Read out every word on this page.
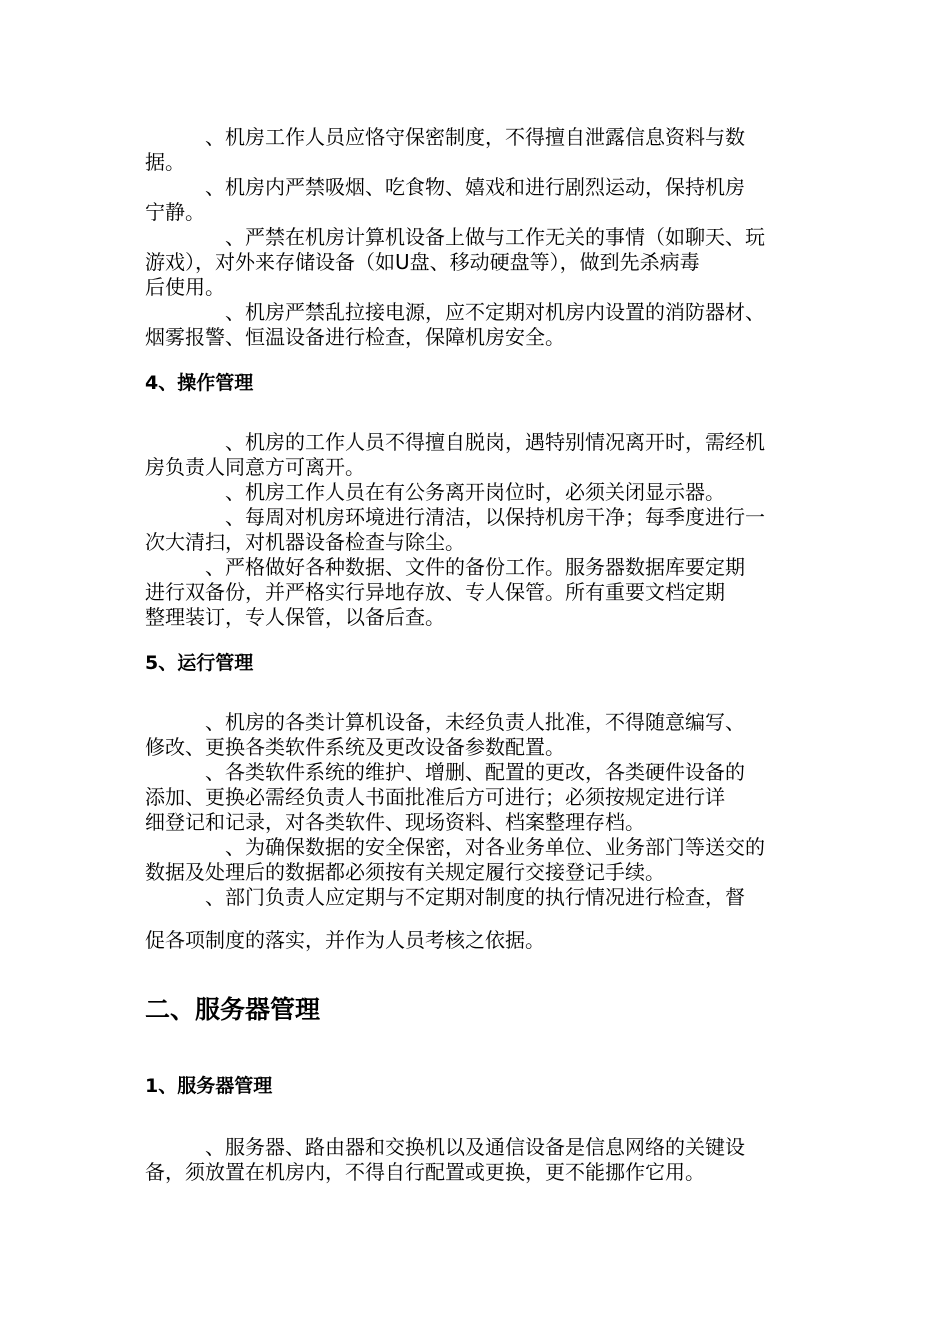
　　　、机房工作人员应恪守保密制度，不得擅自泄露信息资料与数
据。

　　　、机房内严禁吸烟、吃食物、嬉戏和进行剧烈运动，保持机房
宁静。

　　　　、严禁在机房计算机设备上做与工作无关的事情（如聊天、玩
游戏），对外来存储设备（如U盘、移动硬盘等），做到先杀病毒
后使用。

　　　　、机房严禁乱拉接电源，应不定期对机房内设置的消防器材、
烟雾报警、恒温设备进行检查，保障机房安全。

4、操作管理

　　　　、机房的工作人员不得擅自脱岗，遇特别情况离开时，需经机
房负责人同意方可离开。

　　　　、机房工作人员在有公务离开岗位时，必须关闭显示器。

　　　　、每周对机房环境进行清洁，以保持机房干净；每季度进行一
次大清扫，对机器设备检查与除尘。

　　　、严格做好各种数据、文件的备份工作。服务器数据库要定期
进行双备份，并严格实行异地存放、专人保管。所有重要文档定期
整理装订，专人保管，以备后查。

5、运行管理

　　　、机房的各类计算机设备，未经负责人批准，不得随意编写、
修改、更换各类软件系统及更改设备参数配置。

　　　、各类软件系统的维护、增删、配置的更改，各类硬件设备的
添加、更换必需经负责人书面批准后方可进行；必须按规定进行详
细登记和记录，对各类软件、现场资料、档案整理存档。

　　　　、为确保数据的安全保密，对各业务单位、业务部门等送交的
数据及处理后的数据都必须按有关规定履行交接登记手续。

　　　、部门负责人应定期与不定期对制度的执行情况进行检查，督

促各项制度的落实，并作为人员考核之依据。

二、服务器管理
1、服务器管理

　　　、服务器、路由器和交换机以及通信设备是信息网络的关键设
备，须放置在机房内，不得自行配置或更换，更不能挪作它用。
